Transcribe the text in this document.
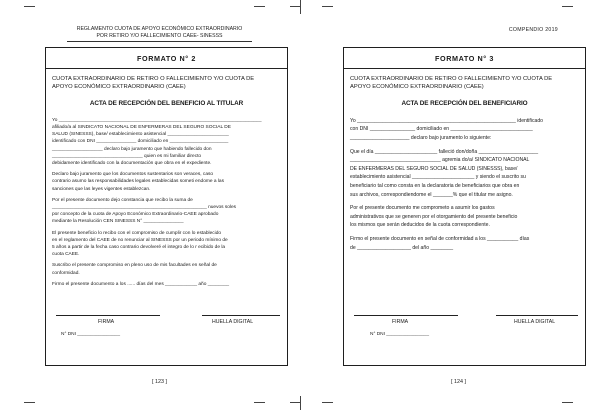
REGLAMENTO CUOTA DE APOYO ECONÓMICO EXTRAORDINARIO
POR RETIRO Y/O FALLECIMIENTO CAEE- SINESSS
FORMATO N° 2
CUOTA EXTRAORDINARIO DE RETIRO O FALLECIMIENTO Y/O CUOTA DE
APOYO ECONÓMICO EXTRAORDINARIO (CAEE)
ACTA DE RECEPCIÓN DEL BENEFICIO AL TITULAR
Yo ____________________________________________________________________________
afiliado/a al SINDICATO NACIONAL DE ENFERMERAS DEL SEGURO SOCIAL DE
SALUD (SINESSS), base/ establecimiento asistencial _______________________
identificado con DNI _______________ domiciliado en ______________________
___________________ declaro bajo juramento que habiendo fallecido don
__________________________________ quien es mi familiar directo
debidamente identificado con la documentación que obra en el expediente.
Declaro bajo juramento que los documentos sustentarios son veraces, caso
contrario asumo las responsabilidades legales establecidas someti endome a las
sanciones que las leyes vigentes establezcan.
Por el presente documento dejo constancia que recibo la suma de
__________________________________________________________ nuevos soles
por concepto de la cuota de Apoyo Económico Extraordinario-CAEE aprobado
mediante la Resolución CEN SINESSS N° _______________
El presente beneficio lo recibo con el compromiso de cumplir con lo establecido
en el reglamento del CAEE de no renunciar al SINESSS por un periodo mínimo de
5 años a partir de la fecha caso contrario devolveré el integro de lo r ecibido de la
cuota CAEE.
Suscribo el presente compromiso en pleno uso de mis facultades en señal de
conformidad.
Firmo el presente documento a los ...... días del mes ____________ año ________
FIRMA	HUELLA DIGITAL
N° DNI ________________
[ 123 ]
COMPENDIO 2019
FORMATO N° 3
CUOTA EXTRAORDINARIO DE RETIRO O FALLECIMIENTO Y/O CUOTA DE
APOYO ECONÓMICO EXTRAORDINARIO (CAEE)
ACTA DE RECEPCIÓN DEL BENEFICIARIO
Yo ________________________________________________________ identificado
con DNI ________________ domiciliado en _____________________________
_____________________ declaro bajo juramento lo siguiente:
Que el día ______________________ falleció don/doña _____________________
________________________________ agremia do/a/ SINDICATO NACIONAL
DE ENFERMERAS DEL SEGURO SOCIAL DE SALUD (SINESSS), base/
establecimiento asistencial ______________________ y siendo el suscrito su
beneficiario tal como consta en la declaratoria de beneficiarios que obra en
sus archivos, correspondiendome el _______% que el titular me asigno.
Por el presente documento me comprometo a asumir los gastos
administrativos que se generen por el otorgamiento del presente beneficio
los mismos que serán deducidos de la cuota correspondiente.
Firmo el presente documento en señal de conformidad a los ___________ días
de ___________________ del año ________
FIRMA	HUELLA DIGITAL
N° DNI ________________
[ 124 ]
